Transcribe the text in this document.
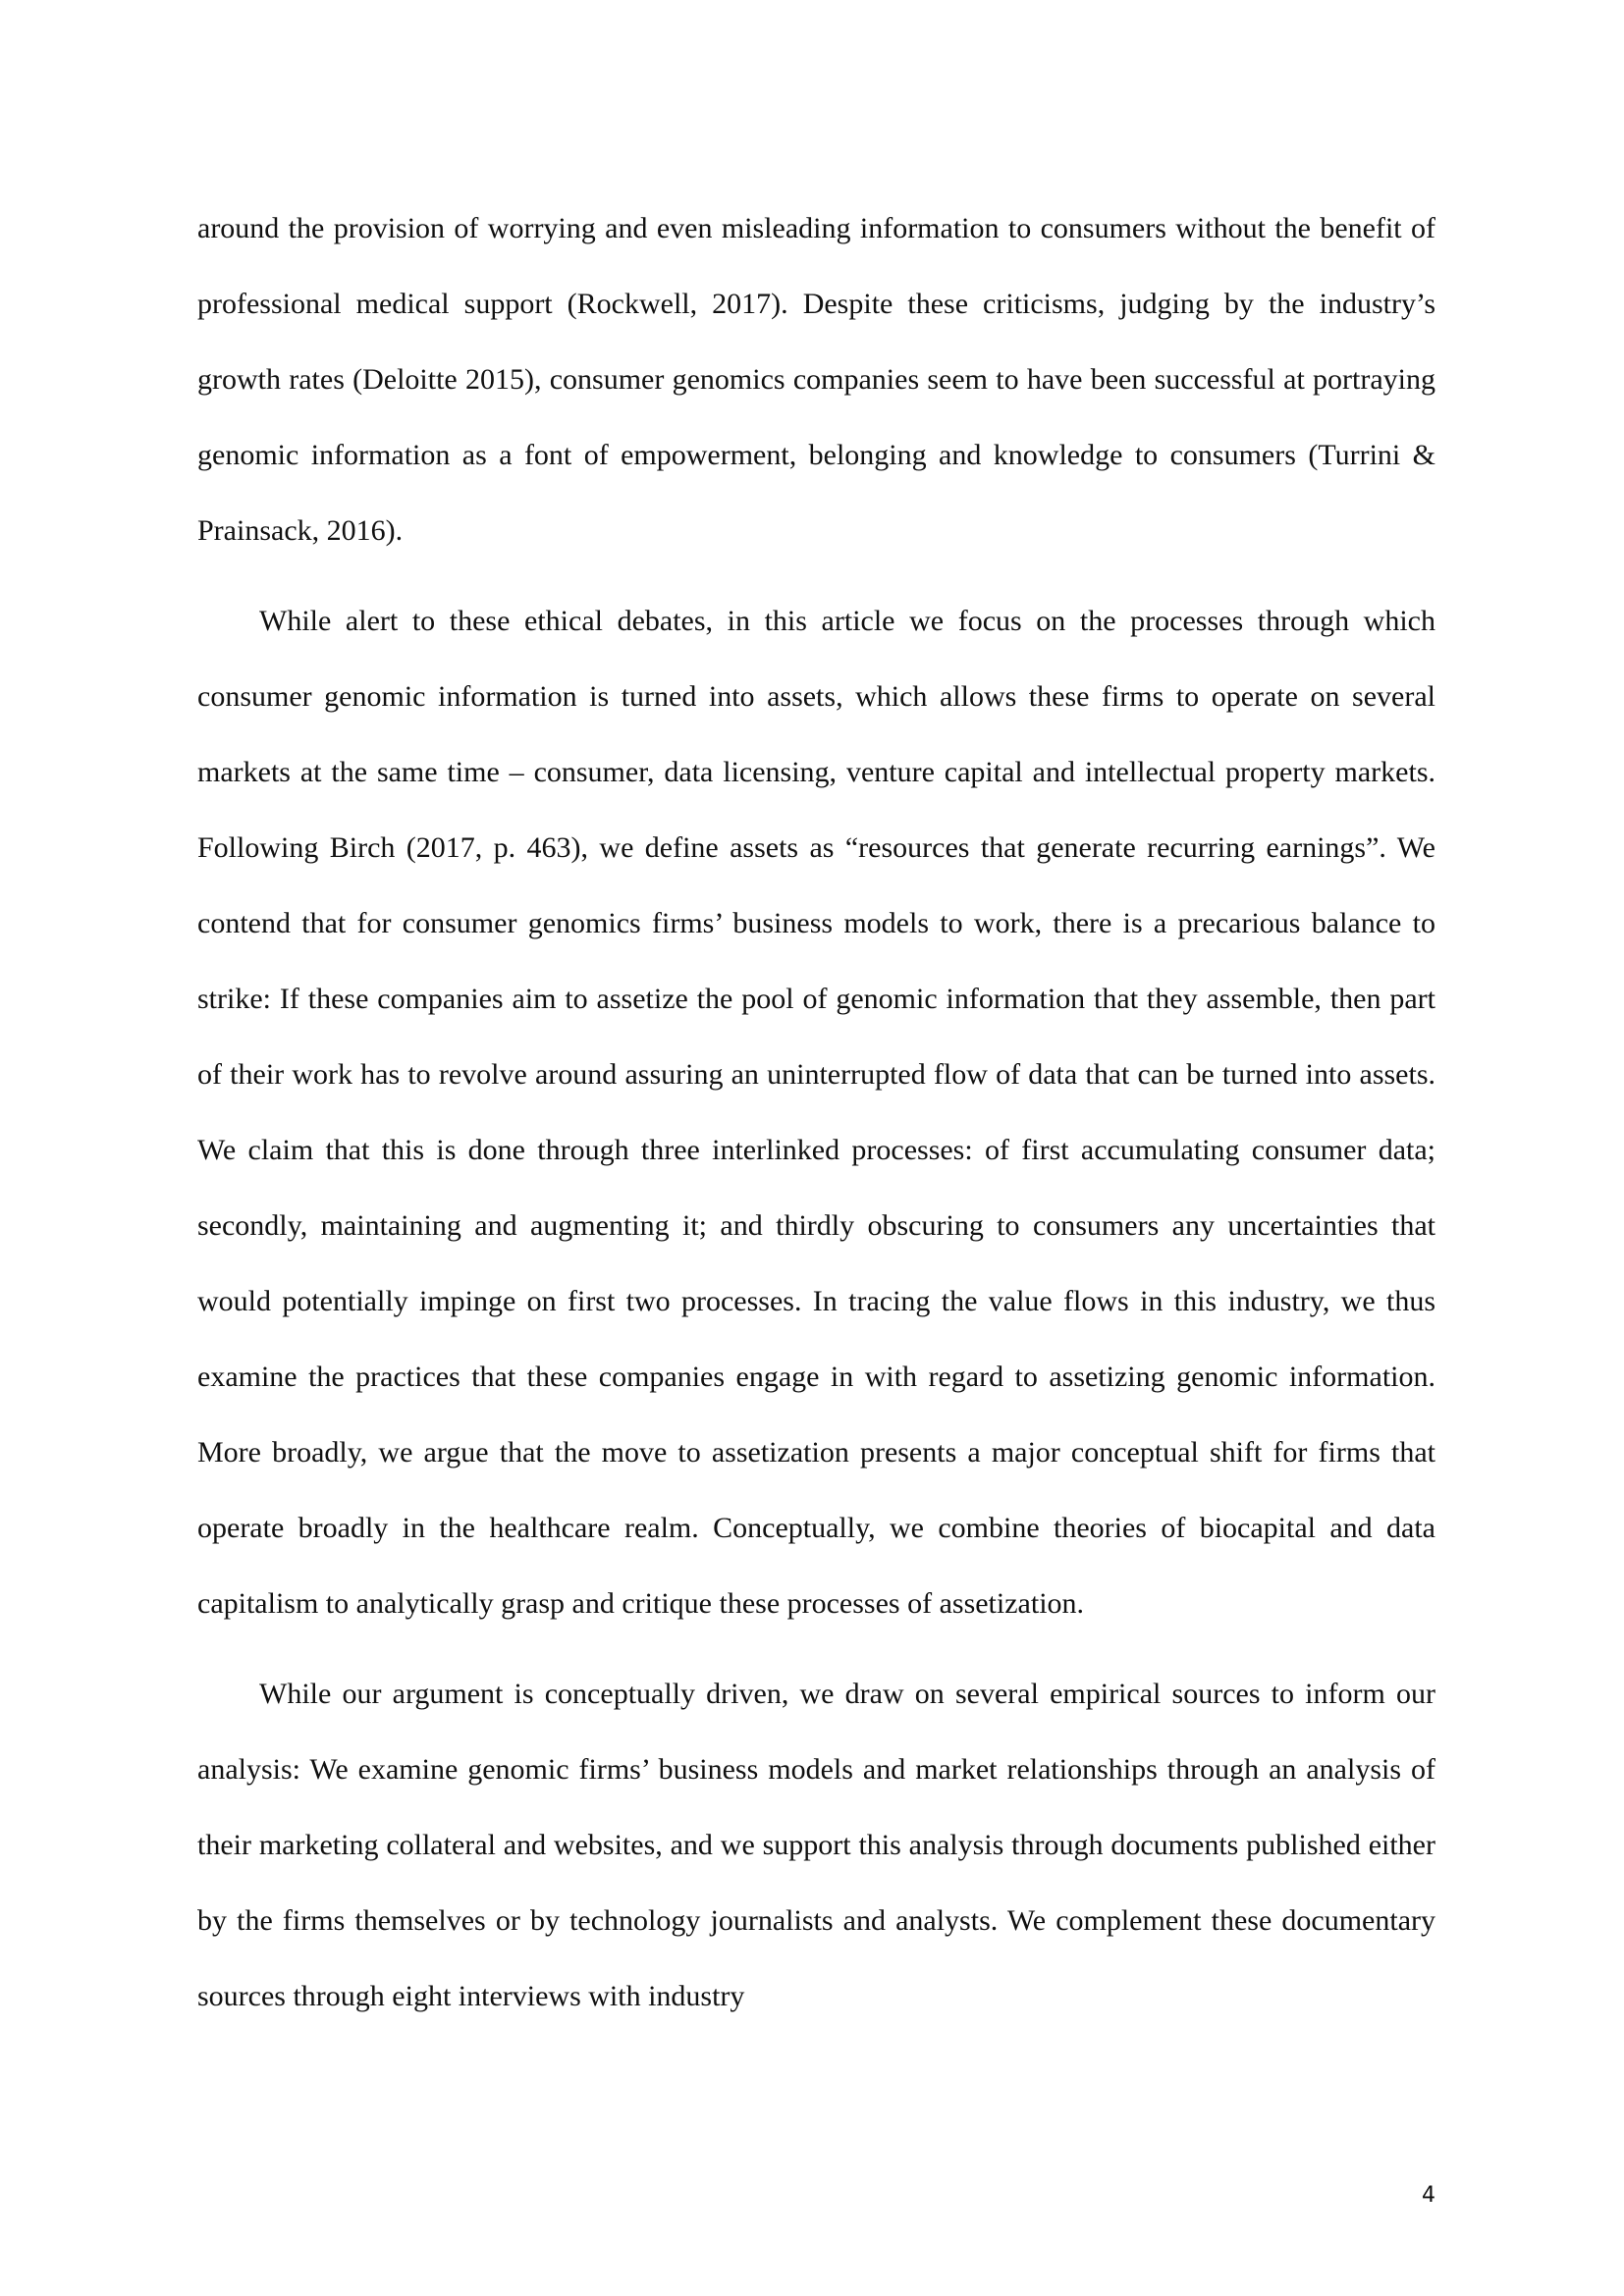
around the provision of worrying and even misleading information to consumers without the benefit of professional medical support (Rockwell, 2017). Despite these criticisms, judging by the industry’s growth rates (Deloitte 2015), consumer genomics companies seem to have been successful at portraying genomic information as a font of empowerment, belonging and knowledge to consumers (Turrini & Prainsack, 2016).

While alert to these ethical debates, in this article we focus on the processes through which consumer genomic information is turned into assets, which allows these firms to operate on several markets at the same time – consumer, data licensing, venture capital and intellectual property markets. Following Birch (2017, p. 463), we define assets as “resources that generate recurring earnings”. We contend that for consumer genomics firms’ business models to work, there is a precarious balance to strike: If these companies aim to assetize the pool of genomic information that they assemble, then part of their work has to revolve around assuring an uninterrupted flow of data that can be turned into assets. We claim that this is done through three interlinked processes: of first accumulating consumer data; secondly, maintaining and augmenting it; and thirdly obscuring to consumers any uncertainties that would potentially impinge on first two processes. In tracing the value flows in this industry, we thus examine the practices that these companies engage in with regard to assetizing genomic information. More broadly, we argue that the move to assetization presents a major conceptual shift for firms that operate broadly in the healthcare realm. Conceptually, we combine theories of biocapital and data capitalism to analytically grasp and critique these processes of assetization.

While our argument is conceptually driven, we draw on several empirical sources to inform our analysis: We examine genomic firms’ business models and market relationships through an analysis of their marketing collateral and websites, and we support this analysis through documents published either by the firms themselves or by technology journalists and analysts. We complement these documentary sources through eight interviews with industry

4
